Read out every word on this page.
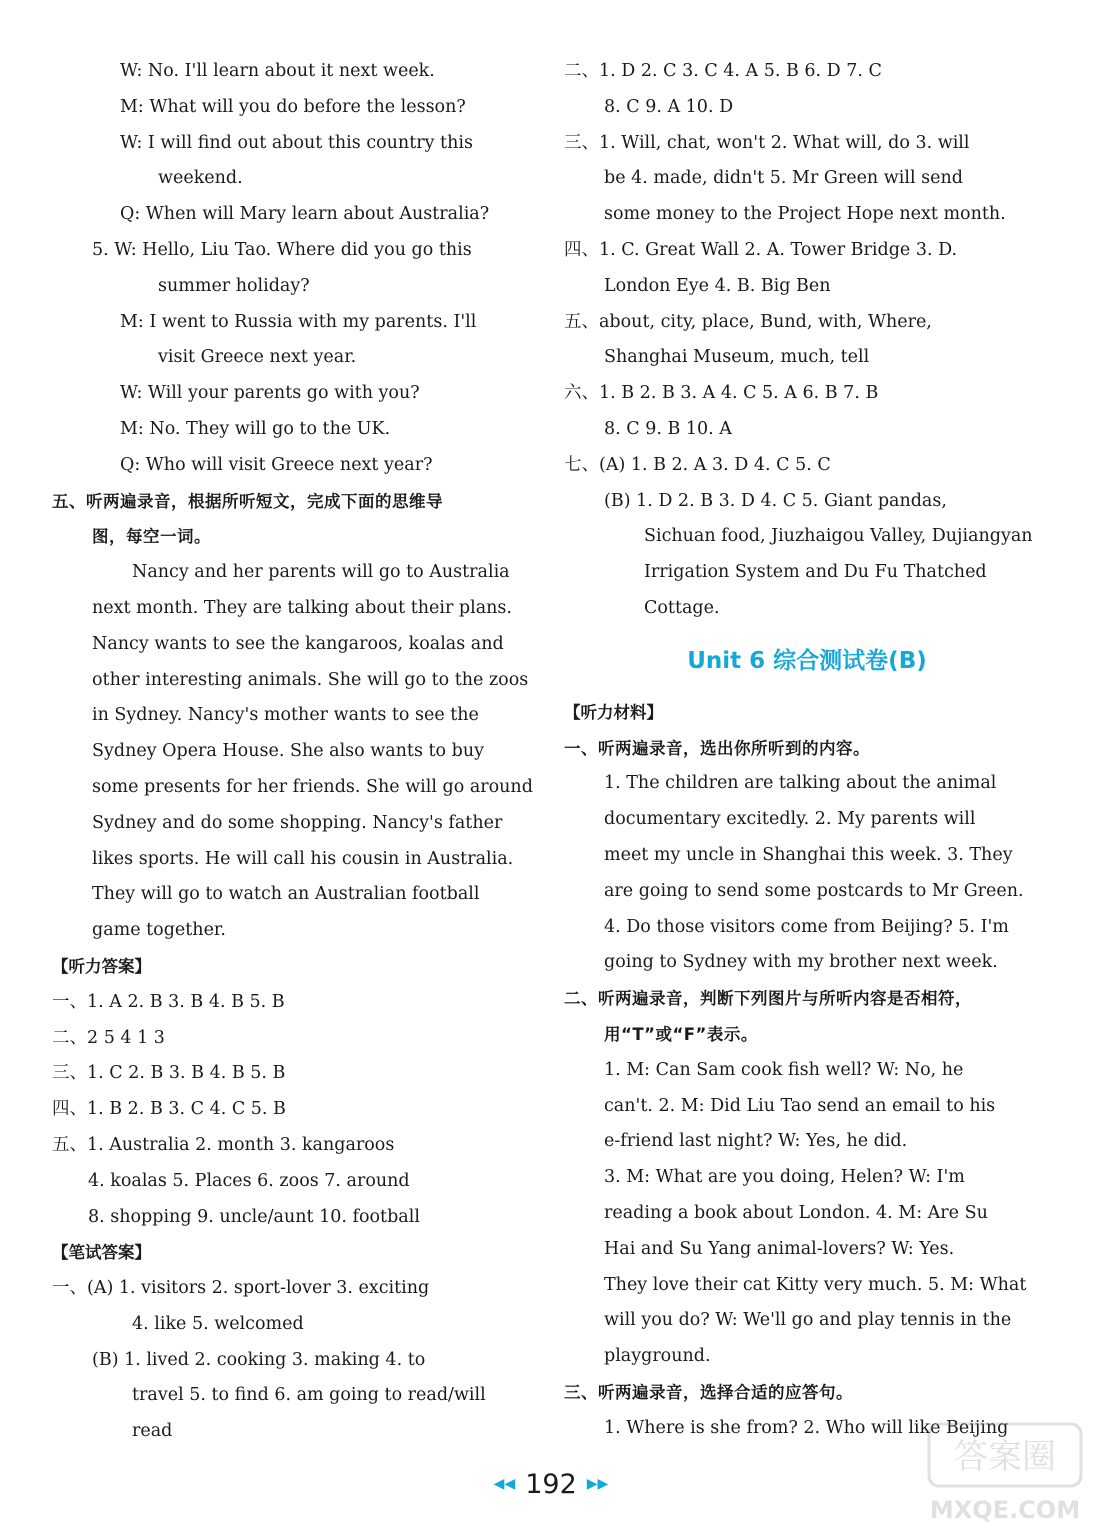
W: No. I'll learn about it next week.
M: What will you do before the lesson?
W: I will find out about this country this
weekend.
Q: When will Mary learn about Australia?
5. W: Hello, Liu Tao. Where did you go this
summer holiday?
M: I went to Russia with my parents. I'll
visit Greece next year.
W: Will your parents go with you?
M: No. They will go to the UK.
Q: Who will visit Greece next year?
五、听两遍录音，根据所听短文，完成下面的思维导
图，每空一词。
Nancy and her parents will go to Australia
next month. They are talking about their plans.
Nancy wants to see the kangaroos, koalas and
other interesting animals. She will go to the zoos
in Sydney. Nancy's mother wants to see the
Sydney Opera House. She also wants to buy
some presents for her friends. She will go around
Sydney and do some shopping. Nancy's father
likes sports. He will call his cousin in Australia.
They will go to watch an Australian football
game together.
【听力答案】
一、1. A 2. B 3. B 4. B 5. B
二、2 5 4 1 3
三、1. C 2. B 3. B 4. B 5. B
四、1. B 2. B 3. C 4. C 5. B
五、1. Australia 2. month 3. kangaroos
4. koalas 5. Places 6. zoos 7. around
8. shopping 9. uncle/aunt 10. football
【笔试答案】
一、(A) 1. visitors 2. sport-lover 3. exciting
4. like 5. welcomed
(B) 1. lived 2. cooking 3. making 4. to
travel 5. to find 6. am going to read/will
read
二、1. D 2. C 3. C 4. A 5. B 6. D 7. C
8. C 9. A 10. D
三、1. Will, chat, won't 2. What will, do 3. will
be 4. made, didn't 5. Mr Green will send
some money to the Project Hope next month.
四、1. C. Great Wall 2. A. Tower Bridge 3. D.
London Eye 4. B. Big Ben
五、about, city, place, Bund, with, Where,
Shanghai Museum, much, tell
六、1. B 2. B 3. A 4. C 5. A 6. B 7. B
8. C 9. B 10. A
七、(A) 1. B 2. A 3. D 4. C 5. C
(B) 1. D 2. B 3. D 4. C 5. Giant pandas,
Sichuan food, Jiuzhaigou Valley, Dujiangyan
Irrigation System and Du Fu Thatched
Cottage.
Unit 6 综合测试卷(B)
【听力材料】
一、听两遍录音，选出你所听到的内容。
1. The children are talking about the animal
documentary excitedly. 2. My parents will
meet my uncle in Shanghai this week. 3. They
are going to send some postcards to Mr Green.
4. Do those visitors come from Beijing? 5. I'm
going to Sydney with my brother next week.
二、听两遍录音，判断下列图片与所听内容是否相符，
用“T”或“F”表示。
1. M: Can Sam cook fish well? W: No, he
can't. 2. M: Did Liu Tao send an email to his
e-friend last night? W: Yes, he did.
3. M: What are you doing, Helen? W: I'm
reading a book about London. 4. M: Are Su
Hai and Su Yang animal-lovers? W: Yes.
They love their cat Kitty very much. 5. M: What
will you do? W: We'll go and play tennis in the
playground.
三、听两遍录音，选择合适的应答句。
1. Where is she from? 2. Who will like Beijing
◀◀ 192 ▶▶
答案圈
MXQE.COM
